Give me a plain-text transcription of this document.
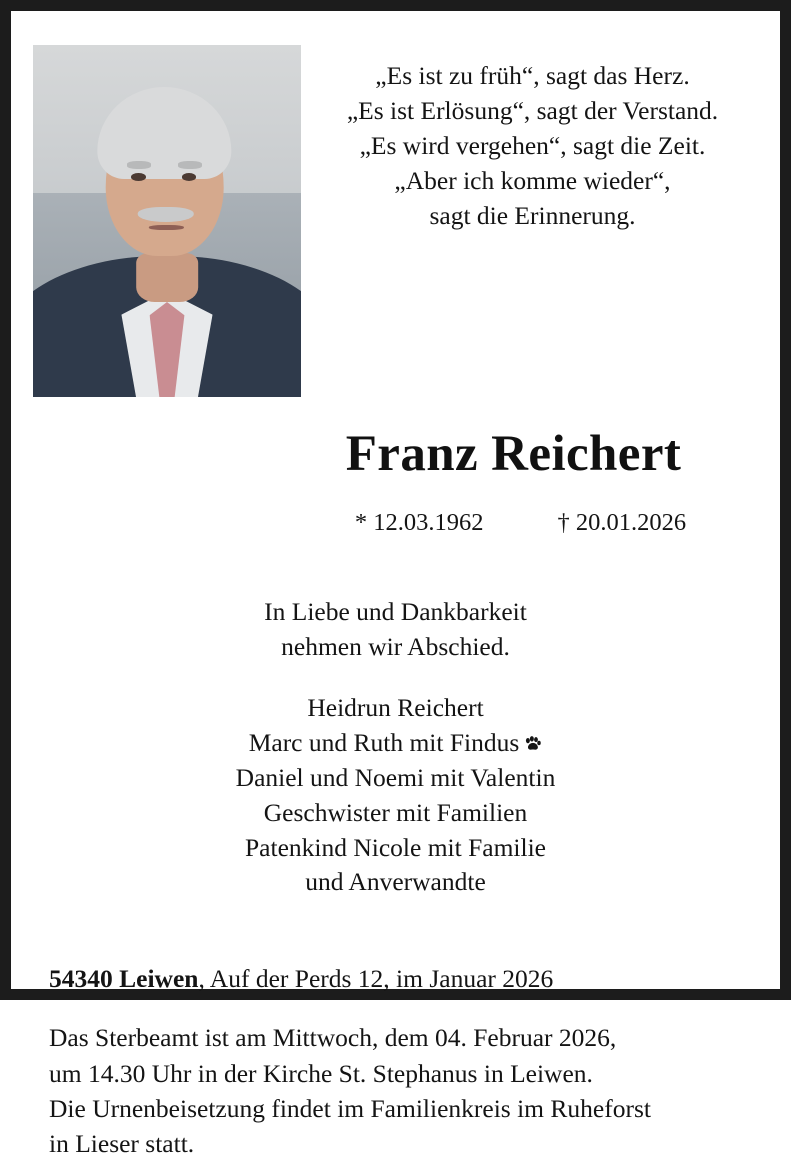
„Es ist zu früh“, sagt das Herz.
„Es ist Erlösung“, sagt der Verstand.
„Es wird vergehen“, sagt die Zeit.
„Aber ich komme wieder“,
sagt die Erinnerung.
Franz Reichert
* 12.03.1962	† 20.01.2026
In Liebe und Dankbarkeit
nehmen wir Abschied.
Heidrun Reichert
Marc und Ruth mit Findus
Daniel und Noemi mit Valentin
Geschwister mit Familien
Patenkind Nicole mit Familie
und Anverwandte
54340 Leiwen, Auf der Perds 12, im Januar 2026
Das Sterbeamt ist am Mittwoch, dem 04. Februar 2026,
um 14.30 Uhr in der Kirche St. Stephanus in Leiwen.
Die Urnenbeisetzung findet im Familienkreis im Ruheforst
in Lieser statt.
